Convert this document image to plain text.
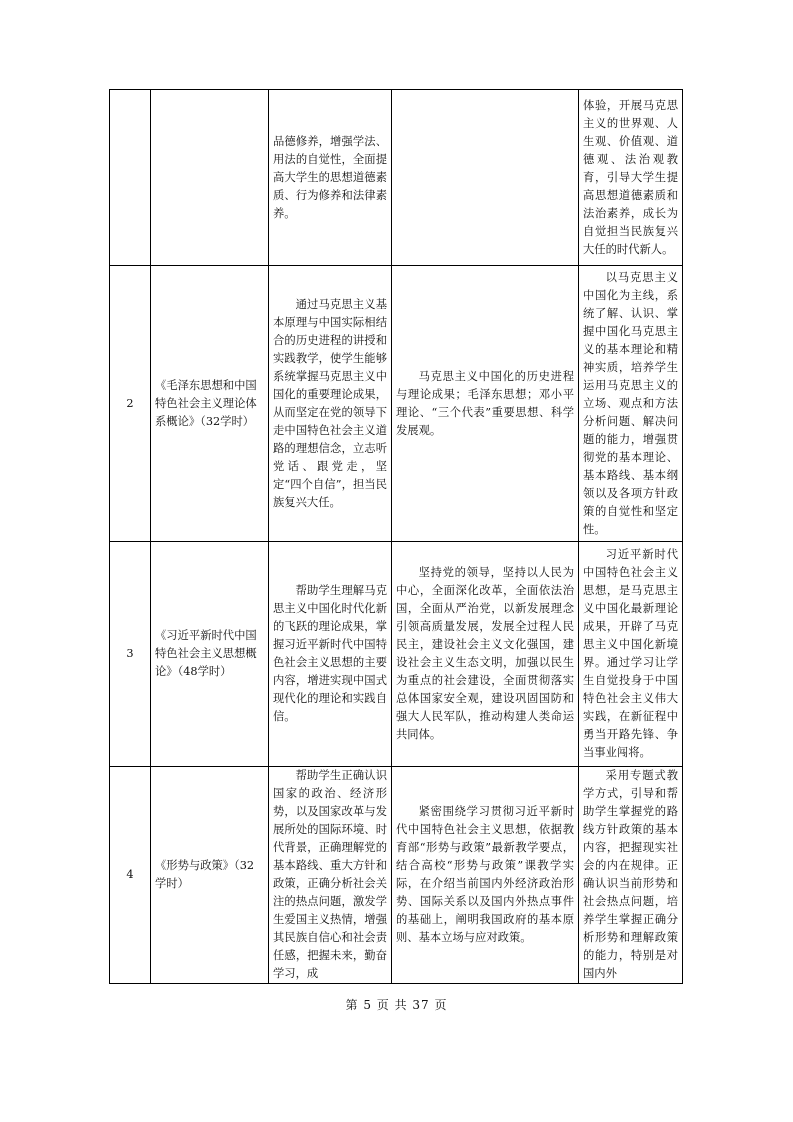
		品德修养，增强学法、用法的自觉性，全面提高大学生的思想道德素质、行为修养和法律素养。		体验，开展马克思主义的世界观、人生观、价值观、道德观、法治观教育，引导大学生提高思想道德素质和法治素养，成长为自觉担当民族复兴大任的时代新人。
2	《毛泽东思想和中国特色社会主义理论体系概论》（32学时）	通过马克思主义基本原理与中国实际相结合的历史进程的讲授和实践教学，使学生能够系统掌握马克思主义中国化的重要理论成果，从而坚定在党的领导下走中国特色社会主义道路的理想信念，立志听党话、跟党走，坚定“四个自信”，担当民族复兴大任。	马克思主义中国化的历史进程与理论成果；毛泽东思想；邓小平理论、“三个代表”重要思想、科学发展观。	以马克思主义中国化为主线，系统了解、认识、掌握中国化马克思主义的基本理论和精神实质，培养学生运用马克思主义的立场、观点和方法分析问题、解决问题的能力，增强贯彻党的基本理论、基本路线、基本纲领以及各项方针政策的自觉性和坚定性。
3	《习近平新时代中国特色社会主义思想概论》（48学时）	帮助学生理解马克思主义中国化时代化新的飞跃的理论成果，掌握习近平新时代中国特色社会主义思想的主要内容，增进实现中国式现代化的理论和实践自信。	坚持党的领导，坚持以人民为中心，全面深化改革，全面依法治国，全面从严治党，以新发展理念引领高质量发展，发展全过程人民民主，建设社会主义文化强国，建设社会主义生态文明，加强以民生为重点的社会建设，全面贯彻落实总体国家安全观，建设巩固国防和强大人民军队，推动构建人类命运共同体。	习近平新时代中国特色社会主义思想，是马克思主义中国化最新理论成果，开辟了马克思主义中国化新境界。通过学习让学生自觉投身于中国特色社会主义伟大实践，在新征程中勇当开路先锋、争当事业闯将。
4	《形势与政策》（32学时）	帮助学生正确认识国家的政治、经济形势，以及国家改革与发展所处的国际环境、时代背景，正确理解党的基本路线、重大方针和政策，正确分析社会关注的热点问题，激发学生爱国主义热情，增强其民族自信心和社会责任感，把握未来，勤奋学习，成	紧密围绕学习贯彻习近平新时代中国特色社会主义思想，依据教育部“形势与政策”最新教学要点，结合高校“形势与政策”课教学实际，在介绍当前国内外经济政治形势、国际关系以及国内外热点事件的基础上，阐明我国政府的基本原则、基本立场与应对政策。	采用专题式教学方式，引导和帮助学生掌握党的路线方针政策的基本内容，把握现实社会的内在规律。正确认识当前形势和社会热点问题，培养学生掌握正确分析形势和理解政策的能力，特别是对国内外
第 5 页 共 37 页
